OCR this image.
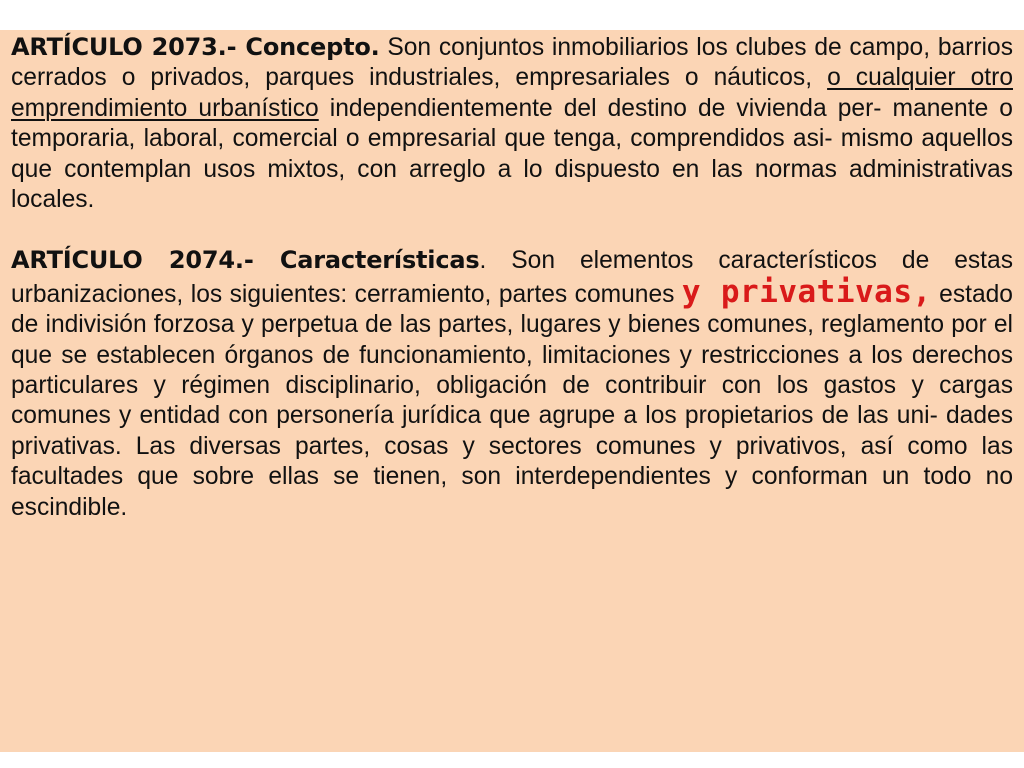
ARTÍCULO 2073.- Concepto. Son conjuntos inmobiliarios los clubes de campo, barrios cerrados o privados, parques industriales, empresariales o náuticos, o cualquier otro emprendimiento urbanístico independientemente del destino de vivienda per- manente o temporaria, laboral, comercial o empresarial que tenga, comprendidos asi- mismo aquellos que contemplan usos mixtos, con arreglo a lo dispuesto en las normas administrativas locales.

ARTÍCULO 2074.- Características. Son elementos característicos de estas urbanizaciones, los siguientes: cerramiento, partes comunes y privativas, estado de indivisión forzosa y perpetua de las partes, lugares y bienes comunes, reglamento por el que se establecen órganos de funcionamiento, limitaciones y restricciones a los derechos particulares y régimen disciplinario, obligación de contribuir con los gastos y cargas comunes y entidad con personería jurídica que agrupe a los propietarios de las uni- dades privativas. Las diversas partes, cosas y sectores comunes y privativos, así como las facultades que sobre ellas se tienen, son interdependientes y conforman un todo no escindible.
